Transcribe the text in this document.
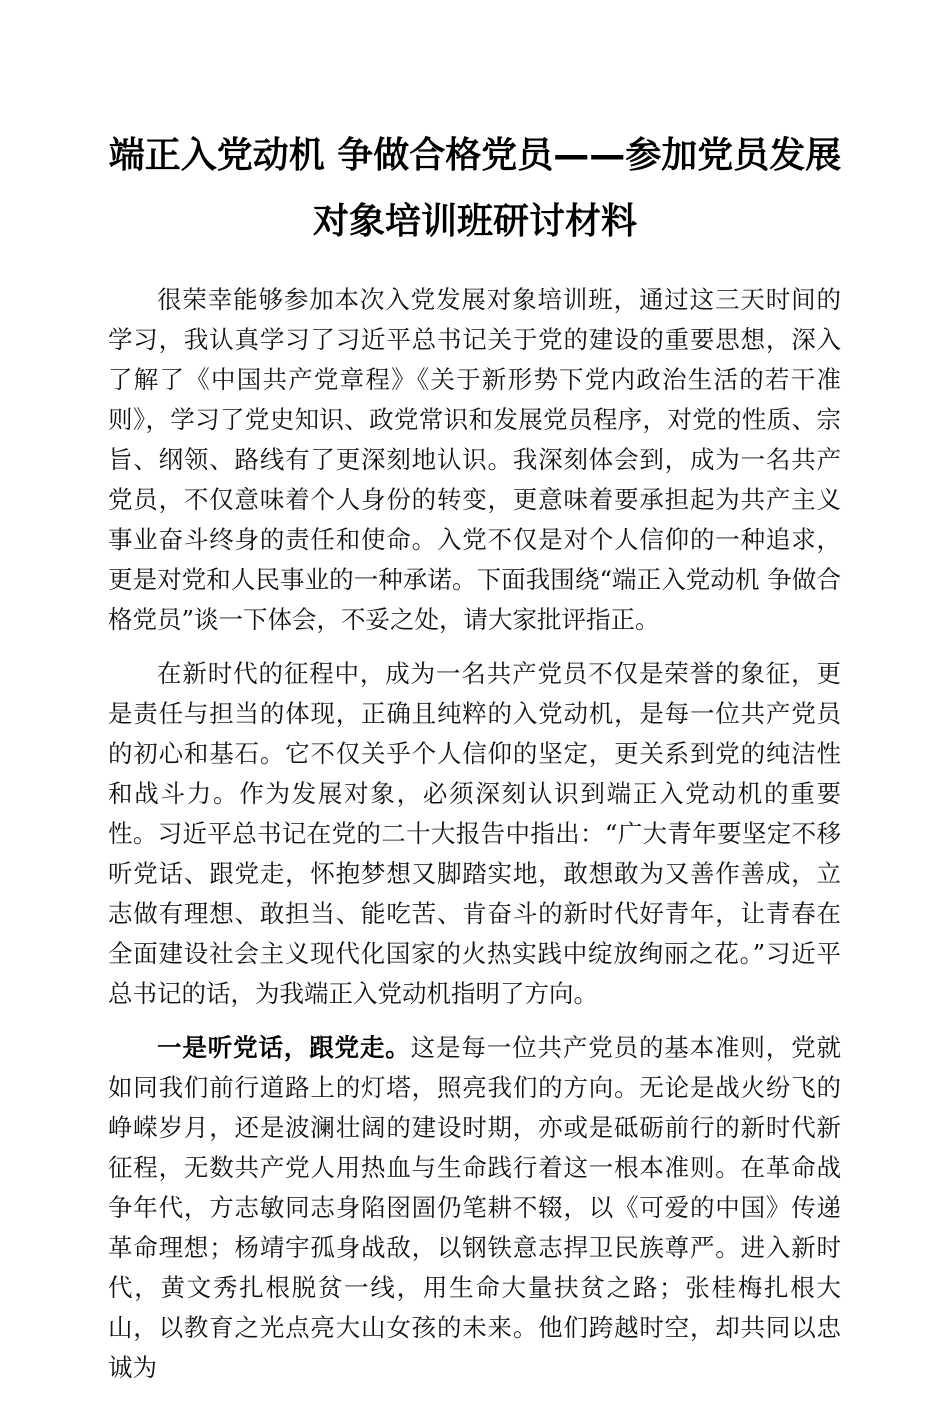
端正入党动机 争做合格党员——参加党员发展
对象培训班研讨材料

很荣幸能够参加本次入党发展对象培训班，通过这三天时间的学习，我认真学习了习近平总书记关于党的建设的重要思想，深入了解了《中国共产党章程》《关于新形势下党内政治生活的若干准则》，学习了党史知识、政党常识和发展党员程序，对党的性质、宗旨、纲领、路线有了更深刻地认识。我深刻体会到，成为一名共产党员，不仅意味着个人身份的转变，更意味着要承担起为共产主义事业奋斗终身的责任和使命。入党不仅是对个人信仰的一种追求，更是对党和人民事业的一种承诺。下面我围绕“端正入党动机 争做合格党员”谈一下体会，不妥之处，请大家批评指正。

在新时代的征程中，成为一名共产党员不仅是荣誉的象征，更是责任与担当的体现，正确且纯粹的入党动机，是每一位共产党员的初心和基石。它不仅关乎个人信仰的坚定，更关系到党的纯洁性和战斗力。作为发展对象，必须深刻认识到端正入党动机的重要性。习近平总书记在党的二十大报告中指出：“广大青年要坚定不移听党话、跟党走，怀抱梦想又脚踏实地，敢想敢为又善作善成，立志做有理想、敢担当、能吃苦、肯奋斗的新时代好青年，让青春在全面建设社会主义现代化国家的火热实践中绽放绚丽之花。”习近平总书记的话，为我端正入党动机指明了方向。

一是听党话，跟党走。这是每一位共产党员的基本准则，党就如同我们前行道路上的灯塔，照亮我们的方向。无论是战火纷飞的峥嵘岁月，还是波澜壮阔的建设时期，亦或是砥砺前行的新时代新征程，无数共产党人用热血与生命践行着这一根本准则。在革命战争年代，方志敏同志身陷囹圄仍笔耕不辍，以《可爱的中国》传递革命理想；杨靖宇孤身战敌，以钢铁意志捍卫民族尊严。进入新时代，黄文秀扎根脱贫一线，用生命大量扶贫之路；张桂梅扎根大山，以教育之光点亮大山女孩的未来。他们跨越时空，却共同以忠诚为
